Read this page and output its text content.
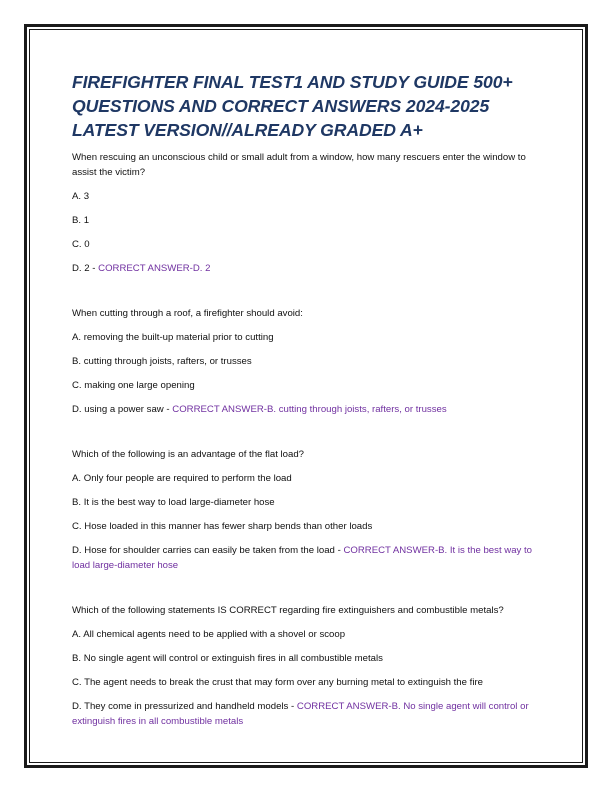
FIREFIGHTER FINAL TEST1 AND STUDY GUIDE 500+ QUESTIONS AND CORRECT ANSWERS 2024-2025 LATEST VERSION//ALREADY GRADED A+

When rescuing an unconscious child or small adult from a window, how many rescuers enter the window to assist the victim?

A. 3

B. 1

C. 0

D. 2 - CORRECT ANSWER-D. 2

When cutting through a roof, a firefighter should avoid:

A. removing the built-up material prior to cutting

B. cutting through joists, rafters, or trusses

C. making one large opening

D. using a power saw - CORRECT ANSWER-B. cutting through joists, rafters, or trusses

Which of the following is an advantage of the flat load?

A. Only four people are required to perform the load

B. It is the best way to load large-diameter hose

C. Hose loaded in this manner has fewer sharp bends than other loads

D. Hose for shoulder carries can easily be taken from the load - CORRECT ANSWER-B. It is the best way to load large-diameter hose

Which of the following statements IS CORRECT regarding fire extinguishers and combustible metals?

A. All chemical agents need to be applied with a shovel or scoop

B. No single agent will control or extinguish fires in all combustible metals

C. The agent needs to break the crust that may form over any burning metal to extinguish the fire

D. They come in pressurized and handheld models - CORRECT ANSWER-B. No single agent will control or extinguish fires in all combustible metals
